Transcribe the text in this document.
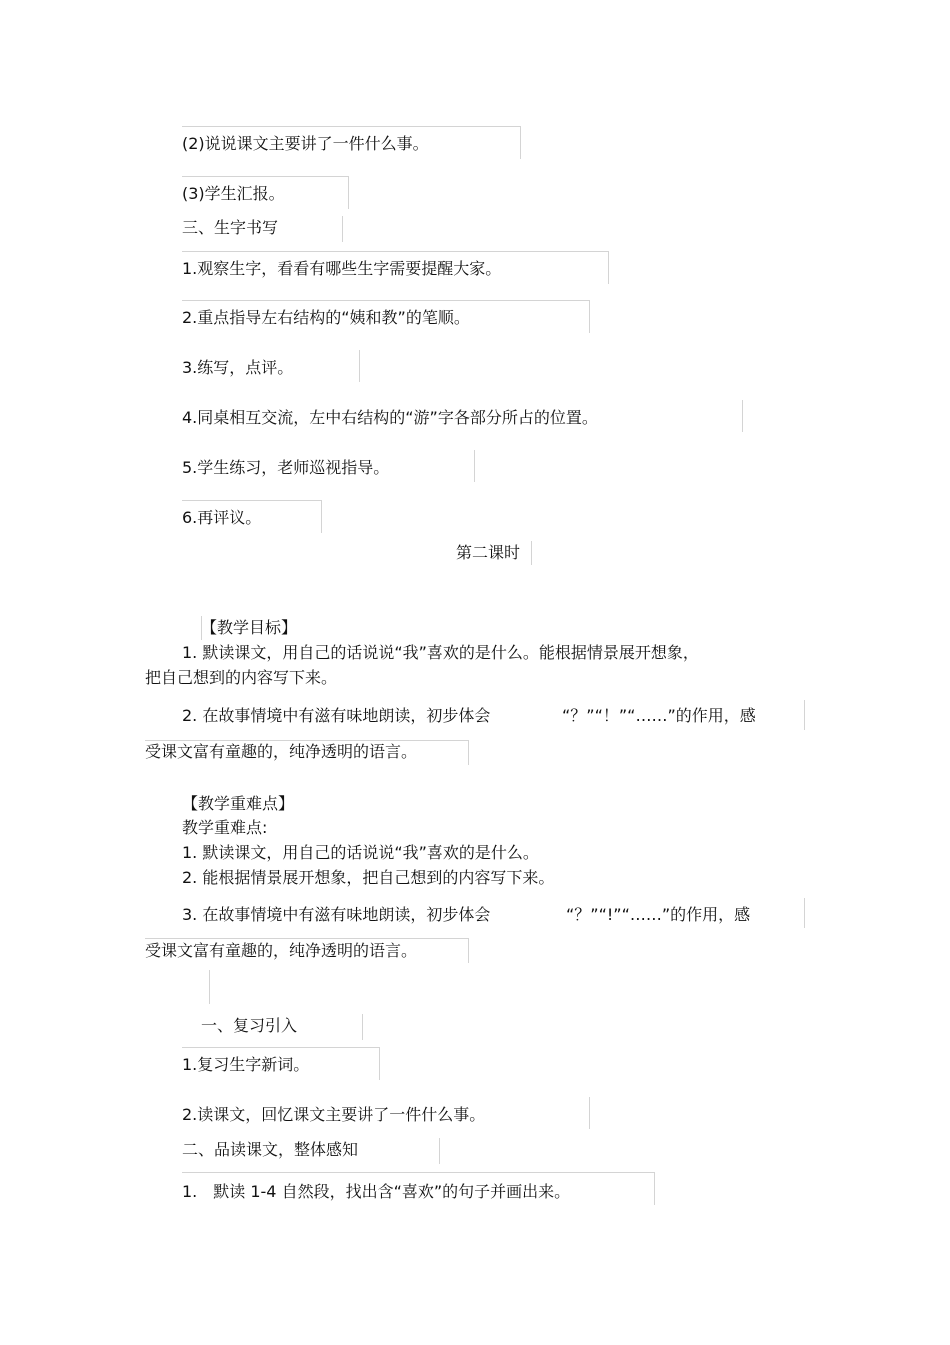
(2)说说课文主要讲了一件什么事。
(3)学生汇报。
三、生字书写
1.观察生字，看看有哪些生字需要提醒大家。
2.重点指导左右结构的“姨和教”的笔顺。
3.练写，点评。
4.同桌相互交流，左中右结构的“游”字各部分所占的位置。
5.学生练习，老师巡视指导。
6.再评议。
第二课时
【教学目标】
1. 默读课文，用自己的话说说“我”喜欢的是什么。能根据情景展开想象，
把自己想到的内容写下来。
2. 在故事情境中有滋有味地朗读，初步体会	“？”“！”“……”的作用，感
受课文富有童趣的，纯净透明的语言。
【教学重难点】
教学重难点:
1. 默读课文，用自己的话说说“我”喜欢的是什么。
2. 能根据情景展开想象，把自己想到的内容写下来。
3. 在故事情境中有滋有味地朗读，初步体会	“？”“!”“……”的作用，感
受课文富有童趣的，纯净透明的语言。
一、复习引入
1.复习生字新词。
2.读课文，回忆课文主要讲了一件什么事。
二、品读课文，整体感知
1.　默读 1-4 自然段，找出含“喜欢”的句子并画出来。
